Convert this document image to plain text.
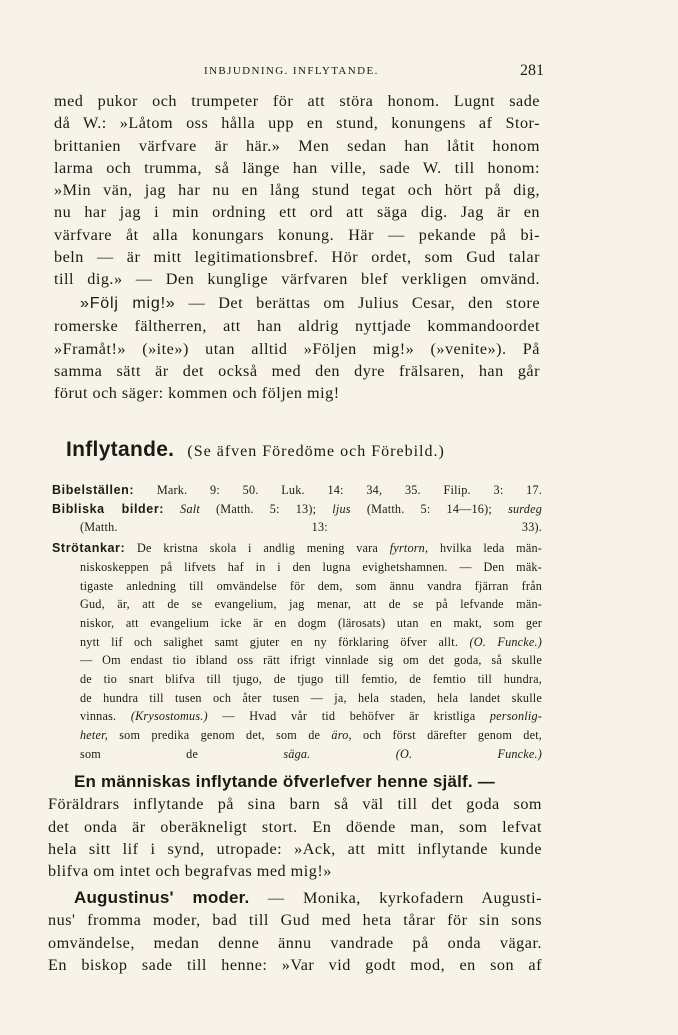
INBJUDNING. INFLYTANDE.	281
med pukor och trumpeter för att störa honom. Lugnt sade
då W.: »Låtom oss hålla upp en stund, konungens af Stor-
brittanien värfvare är här.» Men sedan han låtit honom
larma och trumma, så länge han ville, sade W. till honom:
»Min vän, jag har nu en lång stund tegat och hört på dig,
nu har jag i min ordning ett ord att säga dig. Jag är en
värfvare åt alla konungars konung. Här — pekande på bi-
beln — är mitt legitimationsbref. Hör ordet, som Gud talar
till dig.» — Den kunglige värfvaren blef verkligen omvänd.
»Följ mig!» — Det berättas om Julius Cesar, den store
romerske fältherren, att han aldrig nyttjade kommandoordet
»Framåt!» (»ite») utan alltid »Följen mig!» (»venite»). På
samma sätt är det också med den dyre frälsaren, han går
förut och säger: kommen och följen mig!
Inflytande. (Se äfven Föredöme och Förebild.)
Bibelställen: Mark. 9: 50. Luk. 14: 34, 35. Filip. 3: 17.
Bibliska bilder: Salt (Matth. 5: 13); ljus (Matth. 5: 14—16); surdeg
(Matth. 13: 33).
Strötankar: De kristna skola i andlig mening vara fyrtorn, hvilka leda män-
niskoskeppen på lifvets haf in i den lugna evighetshamnen. — Den mäk-
tigaste anledning till omvändelse för dem, som ännu vandra fjärran från
Gud, är, att de se evangelium, jag menar, att de se på lefvande män-
niskor, att evangelium icke är en dogm (lärosats) utan en makt, som ger
nytt lif och salighet samt gjuter en ny förklaring öfver allt. (O. Funcke.)
— Om endast tio ibland oss rätt ifrigt vinnlade sig om det goda, så skulle
de tio snart blifva till tjugo, de tjugo till femtio, de femtio till hundra,
de hundra till tusen och åter tusen — ja, hela staden, hela landet skulle
vinnas. (Krysostomus.) — Hvad vår tid behöfver är kristliga personlig-
heter, som predika genom det, som de äro, och först därefter genom det,
som de	säga.	(O. Funcke.)
En människas inflytande öfverlefver henne själf. —
Föräldrars inflytande på sina barn så väl till det goda som
det onda är oberäkneligt stort. En döende man, som lefvat
hela sitt lif i synd, utropade: »Ack, att mitt inflytande kunde
blifva om intet och begrafvas med mig!»
Augustinus' moder. — Monika, kyrkofadern Augusti-
nus' fromma moder, bad till Gud med heta tårar för sin sons
omvändelse, medan denne ännu vandrade på onda vägar.
En biskop sade till henne: »Var vid godt mod, en son af
